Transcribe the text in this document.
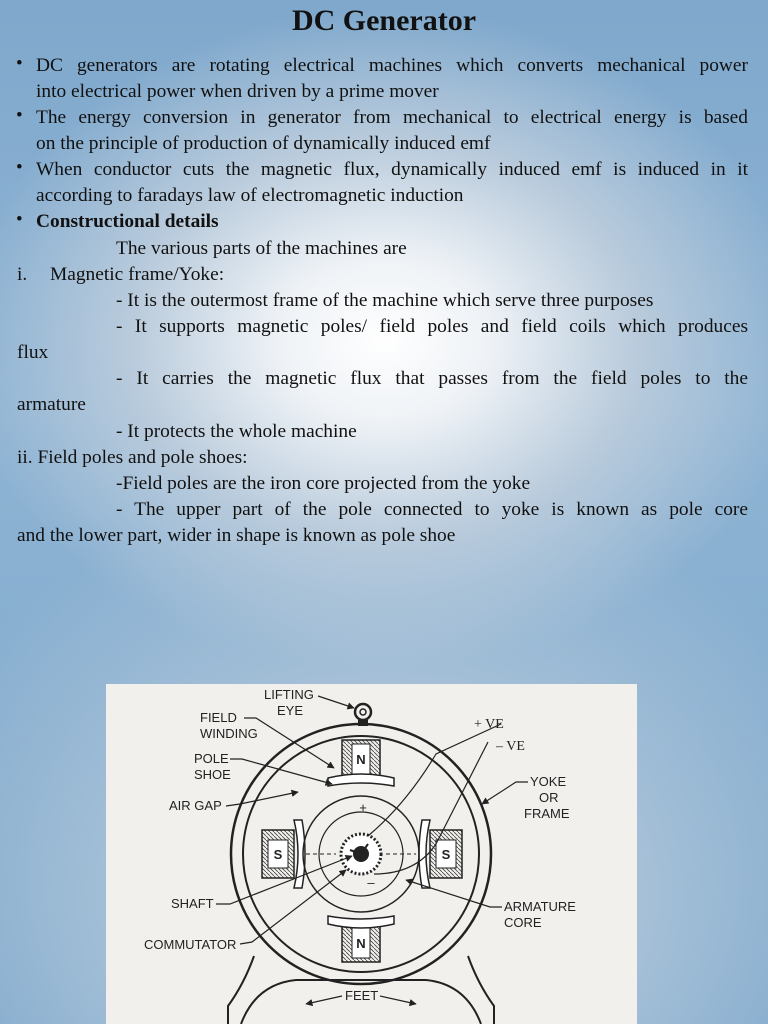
DC Generator
• DC generators are rotating electrical machines which converts mechanical power
into electrical power when driven by a prime mover
• The energy conversion in generator from mechanical to electrical energy is based
on the principle of production of dynamically induced emf
• When conductor cuts the magnetic flux, dynamically induced emf is induced in it
according to faradays law of electromagnetic induction
• Constructional details
The various parts of the machines are
i. Magnetic frame/Yoke:
- It is the outermost frame of the machine which serve three purposes
- It supports magnetic poles/ field poles and field coils which produces
flux
- It carries the magnetic flux that passes from the field poles to the
armature
- It protects the whole machine
ii. Field poles and pole shoes:
-Field poles are the iron core projected from the yoke
- The upper part of the pole connected to yoke is known as pole core
and the lower part, wider in shape is known as pole shoe
N
N
S	S
+
–
LIFTING
EYE
FIELD
WINDING
POLE
SHOE
AIR GAP
SHAFT
COMMUTATOR
FEET
+ VE
– VE
YOKE
OR
FRAME
ARMATURE
CORE
